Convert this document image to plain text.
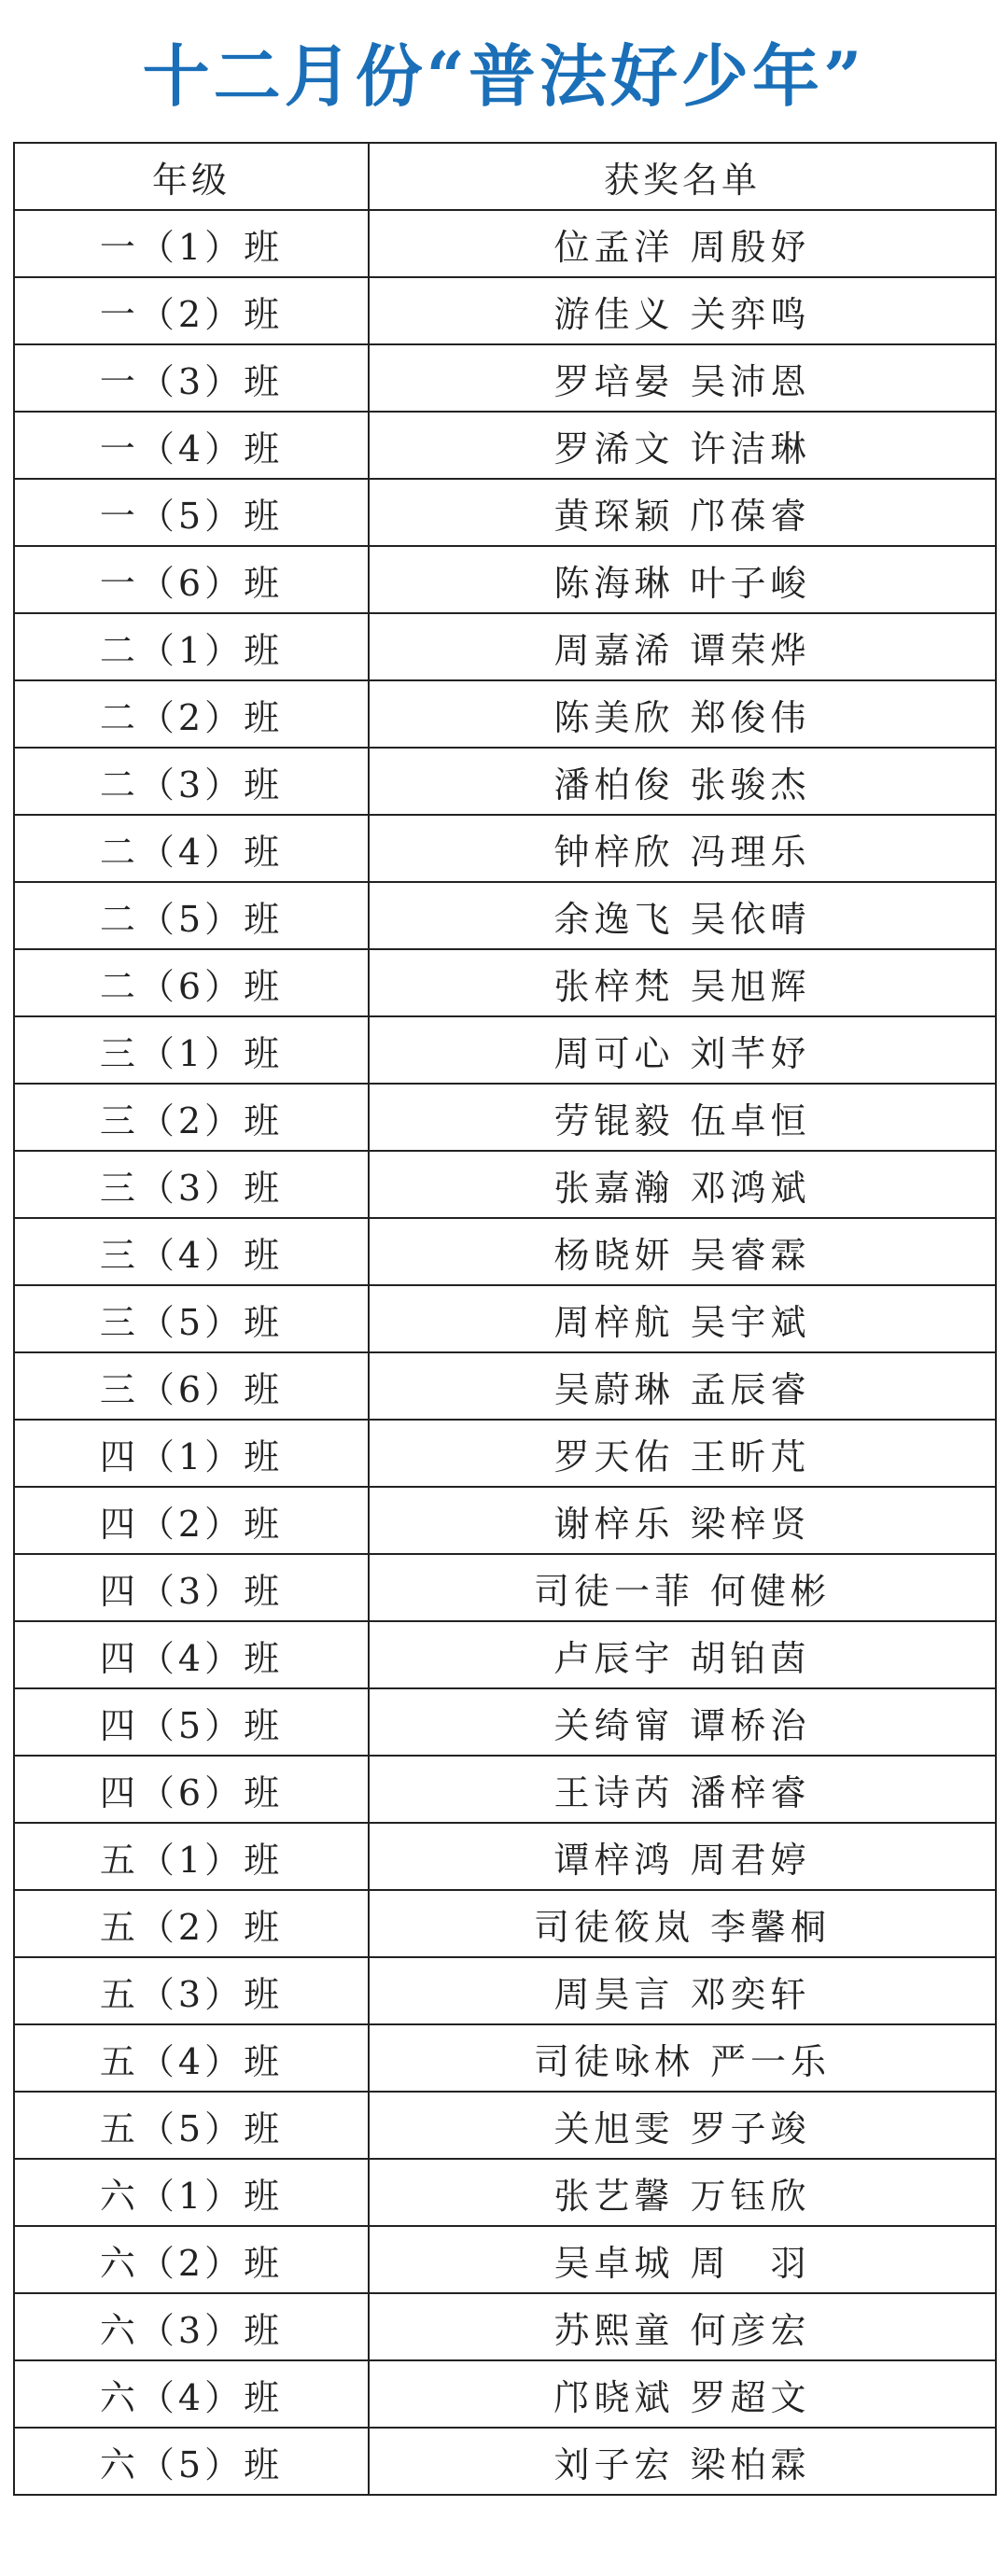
十二月份“普法好少年”
年级	获奖名单
一（1）班	位孟洋 周殷妤
一（2）班	游佳义 关弈鸣
一（3）班	罗培晏 吴沛恩
一（4）班	罗浠文 许洁琳
一（5）班	黄琛颖 邝葆睿
一（6）班	陈海琳 叶子峻
二（1）班	周嘉浠 谭荣烨
二（2）班	陈美欣 郑俊伟
二（3）班	潘柏俊 张骏杰
二（4）班	钟梓欣 冯理乐
二（5）班	余逸飞 吴依晴
二（6）班	张梓梵 吴旭辉
三（1）班	周可心 刘芊妤
三（2）班	劳锟毅 伍卓恒
三（3）班	张嘉瀚 邓鸿斌
三（4）班	杨晓妍 吴睿霖
三（5）班	周梓航 吴宇斌
三（6）班	吴蔚琳 孟辰睿
四（1）班	罗天佑 王昕芃
四（2）班	谢梓乐 梁梓贤
四（3）班	司徒一菲 何健彬
四（4）班	卢辰宇 胡铂茵
四（5）班	关绮甯 谭桥治
四（6）班	王诗芮 潘梓睿
五（1）班	谭梓鸿 周君婷
五（2）班	司徒筱岚 李馨桐
五（3）班	周昊言 邓奕轩
五（4）班	司徒咏林 严一乐
五（5）班	关旭雯 罗子竣
六（1）班	张艺馨 万钰欣
六（2）班	吴卓城 周　羽
六（3）班	苏熙童 何彦宏
六（4）班	邝晓斌 罗超文
六（5）班	刘子宏 梁柏霖
